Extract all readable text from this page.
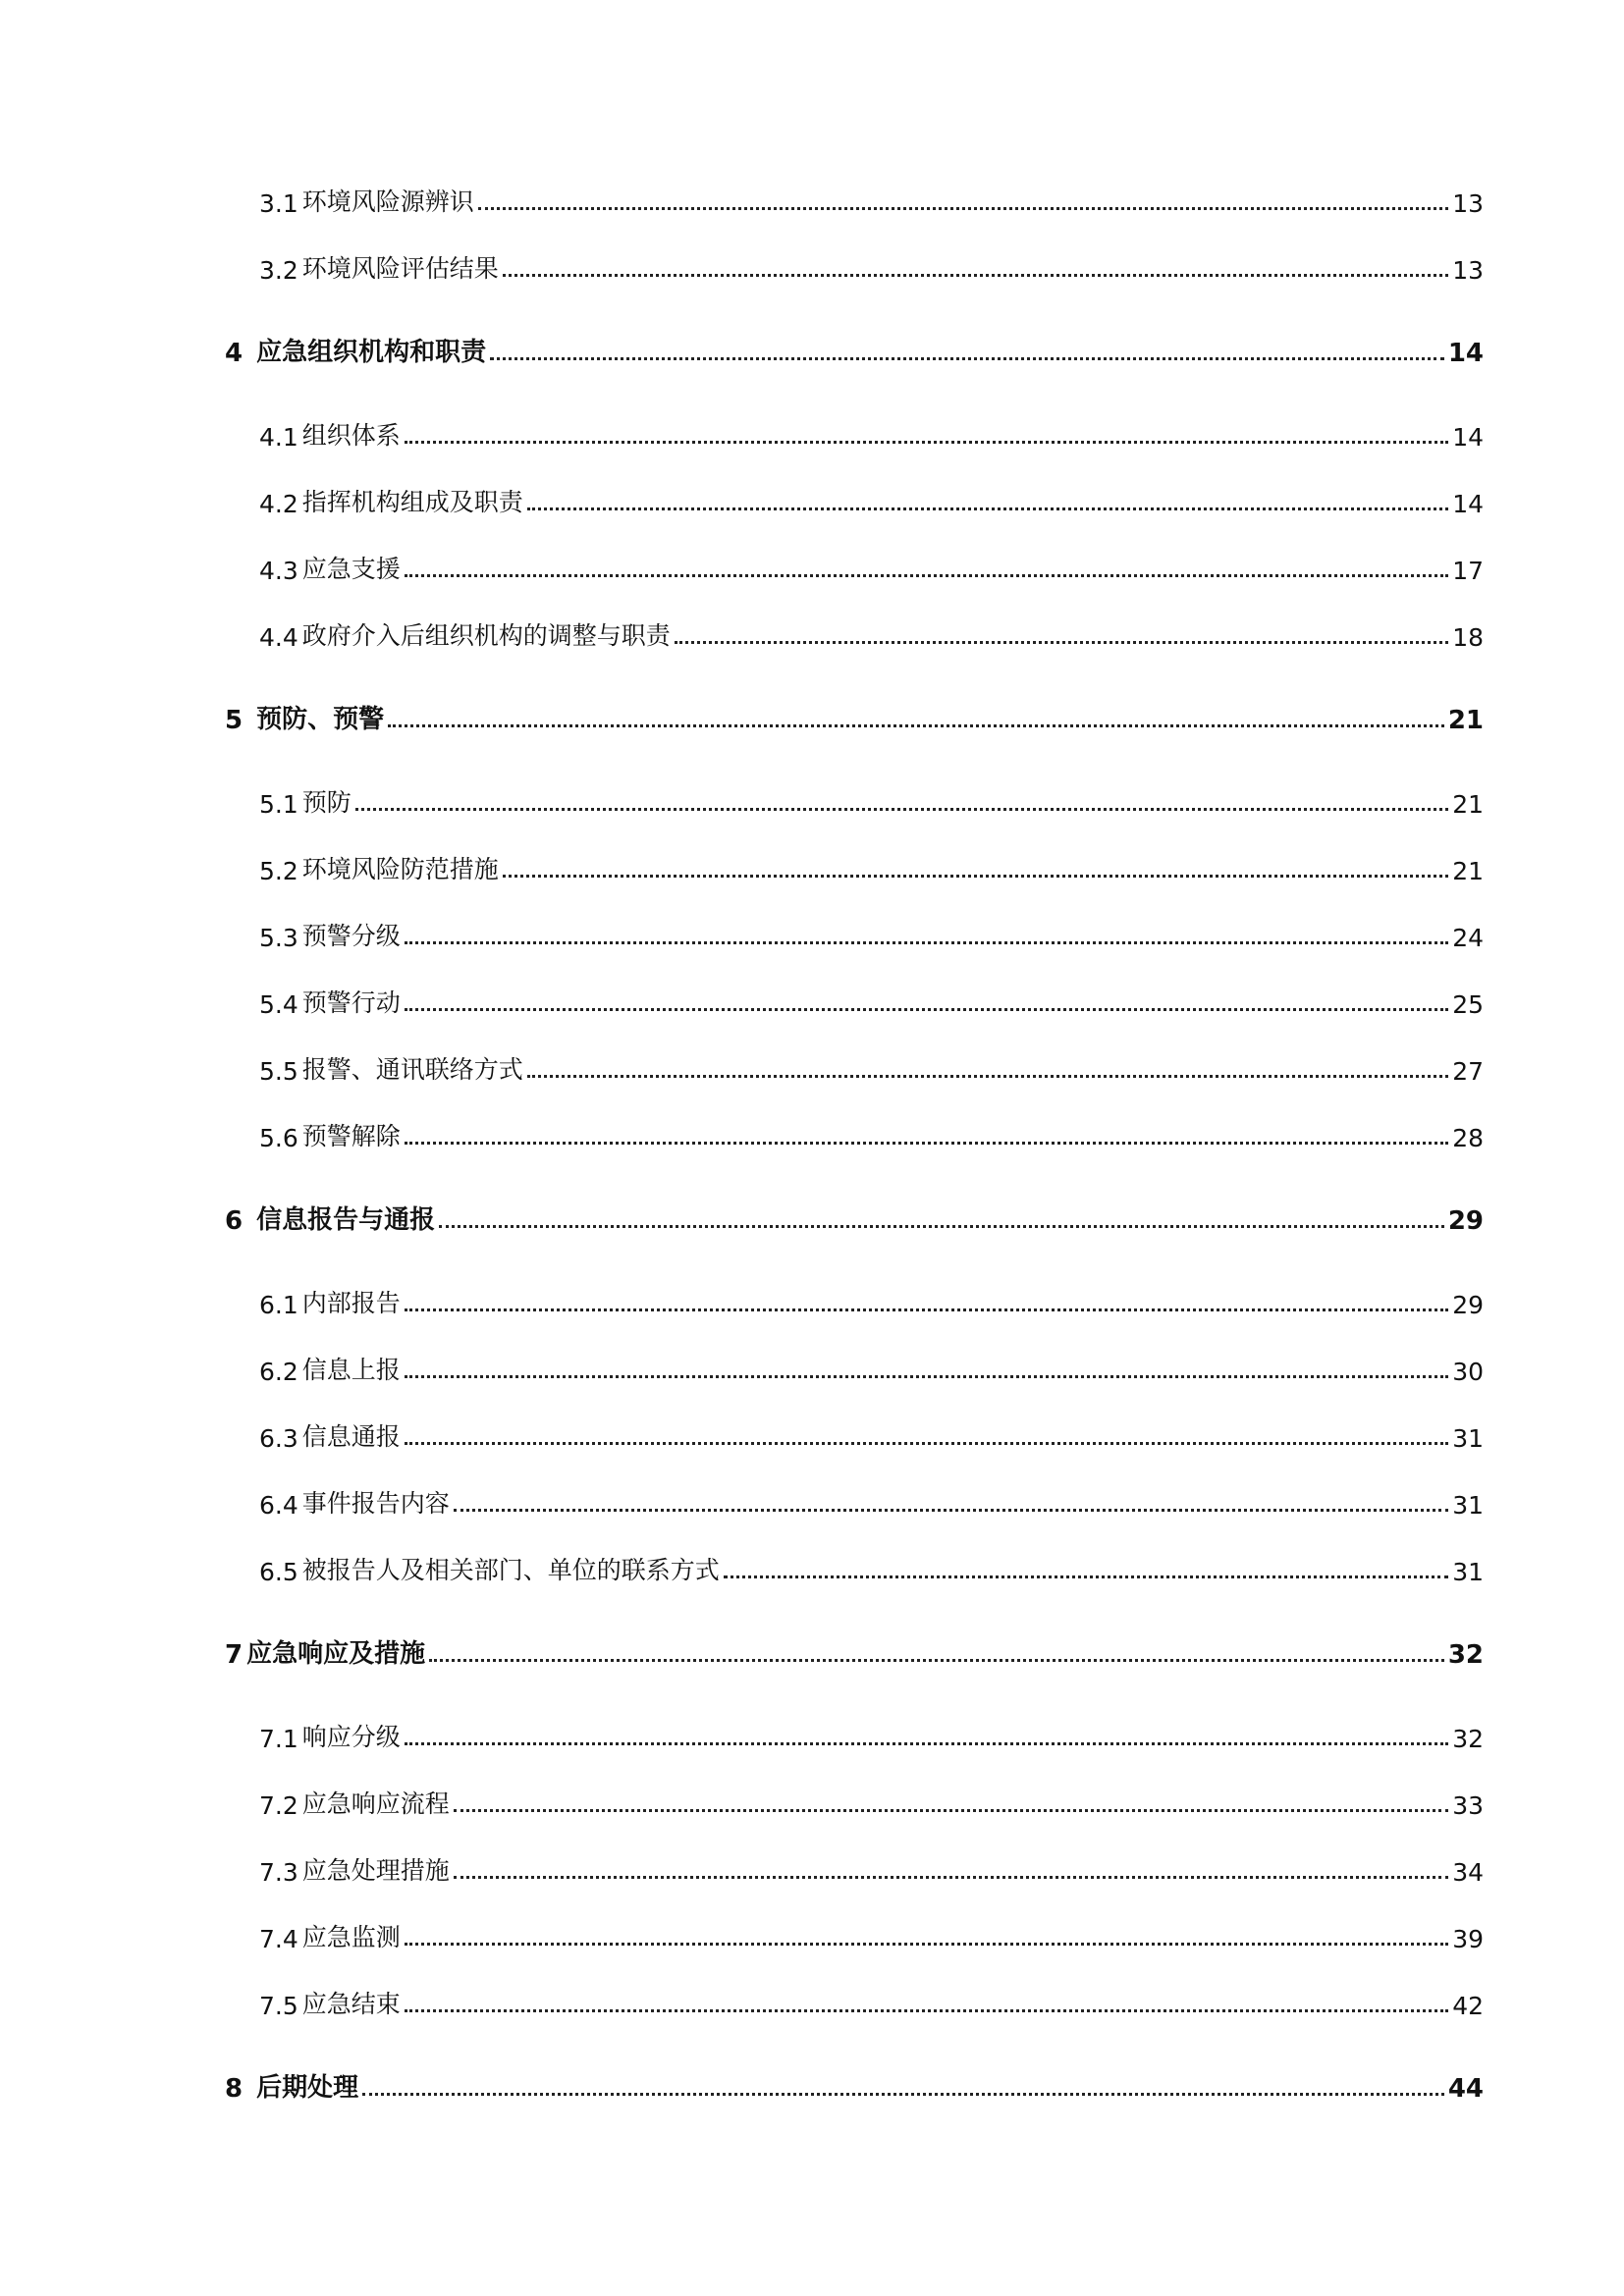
3.1 环境风险源辨识	13
3.2 环境风险评估结果	13
4 应急组织机构和职责	14
4.1 组织体系	14
4.2 指挥机构组成及职责	14
4.3 应急支援	17
4.4 政府介入后组织机构的调整与职责	18
5 预防、预警	21
5.1 预防	21
5.2 环境风险防范措施	21
5.3 预警分级	24
5.4 预警行动	25
5.5 报警、通讯联络方式	27
5.6 预警解除	28
6 信息报告与通报	29
6.1 内部报告	29
6.2 信息上报	30
6.3 信息通报	31
6.4 事件报告内容	31
6.5 被报告人及相关部门、单位的联系方式	31
7 应急响应及措施	32
7.1 响应分级	32
7.2 应急响应流程	33
7.3 应急处理措施	34
7.4 应急监测	39
7.5 应急结束	42
8 后期处理	44
